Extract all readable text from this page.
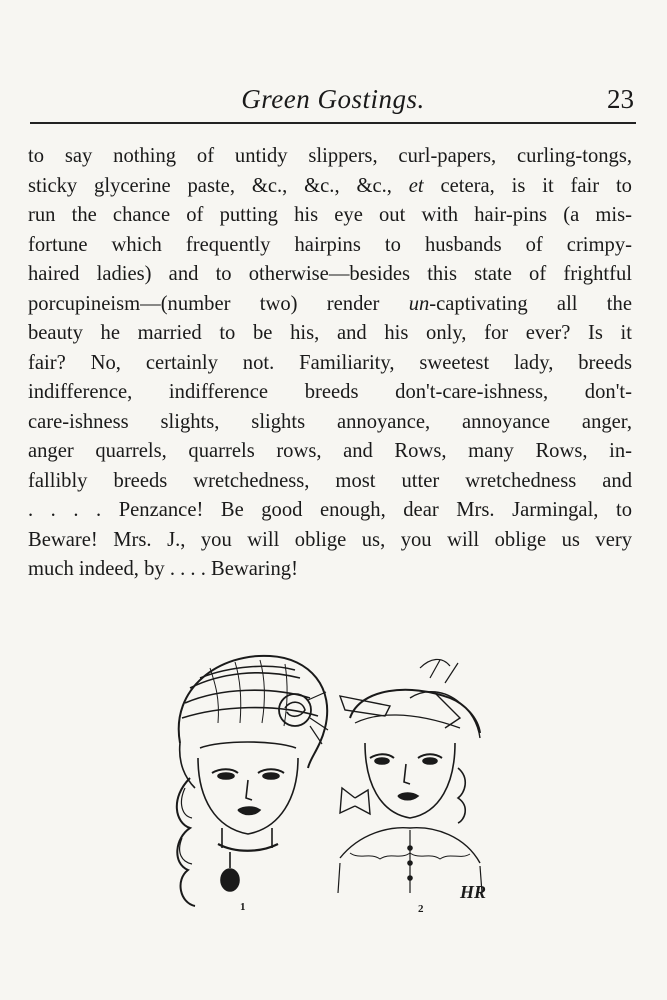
Green Gostings.	23
to say nothing of untidy slippers, curl-papers, curling-tongs,
sticky glycerine paste, &c., &c., &c., et cetera, is it fair to
run the chance of putting his eye out with hair-pins (a mis-
fortune which frequently hairpins to husbands of crimpy-
haired ladies) and to otherwise—besides this state of frightful
porcupineism—(number two) render un-captivating all the
beauty he married to be his, and his only, for ever? Is it
fair? No, certainly not. Familiarity, sweetest lady, breeds
indifference, indifference breeds don't-care-ishness, don't-
care-ishness slights, slights annoyance, annoyance anger,
anger quarrels, quarrels rows, and Rows, many Rows, in-
fallibly breeds wretchedness, most utter wretchedness and
. . . . Penzance! Be good enough, dear Mrs. Jarmingal, to
Beware! Mrs. J., you will oblige us, you will oblige us very
much indeed, by . . . . Bewaring!
1	2
HR
